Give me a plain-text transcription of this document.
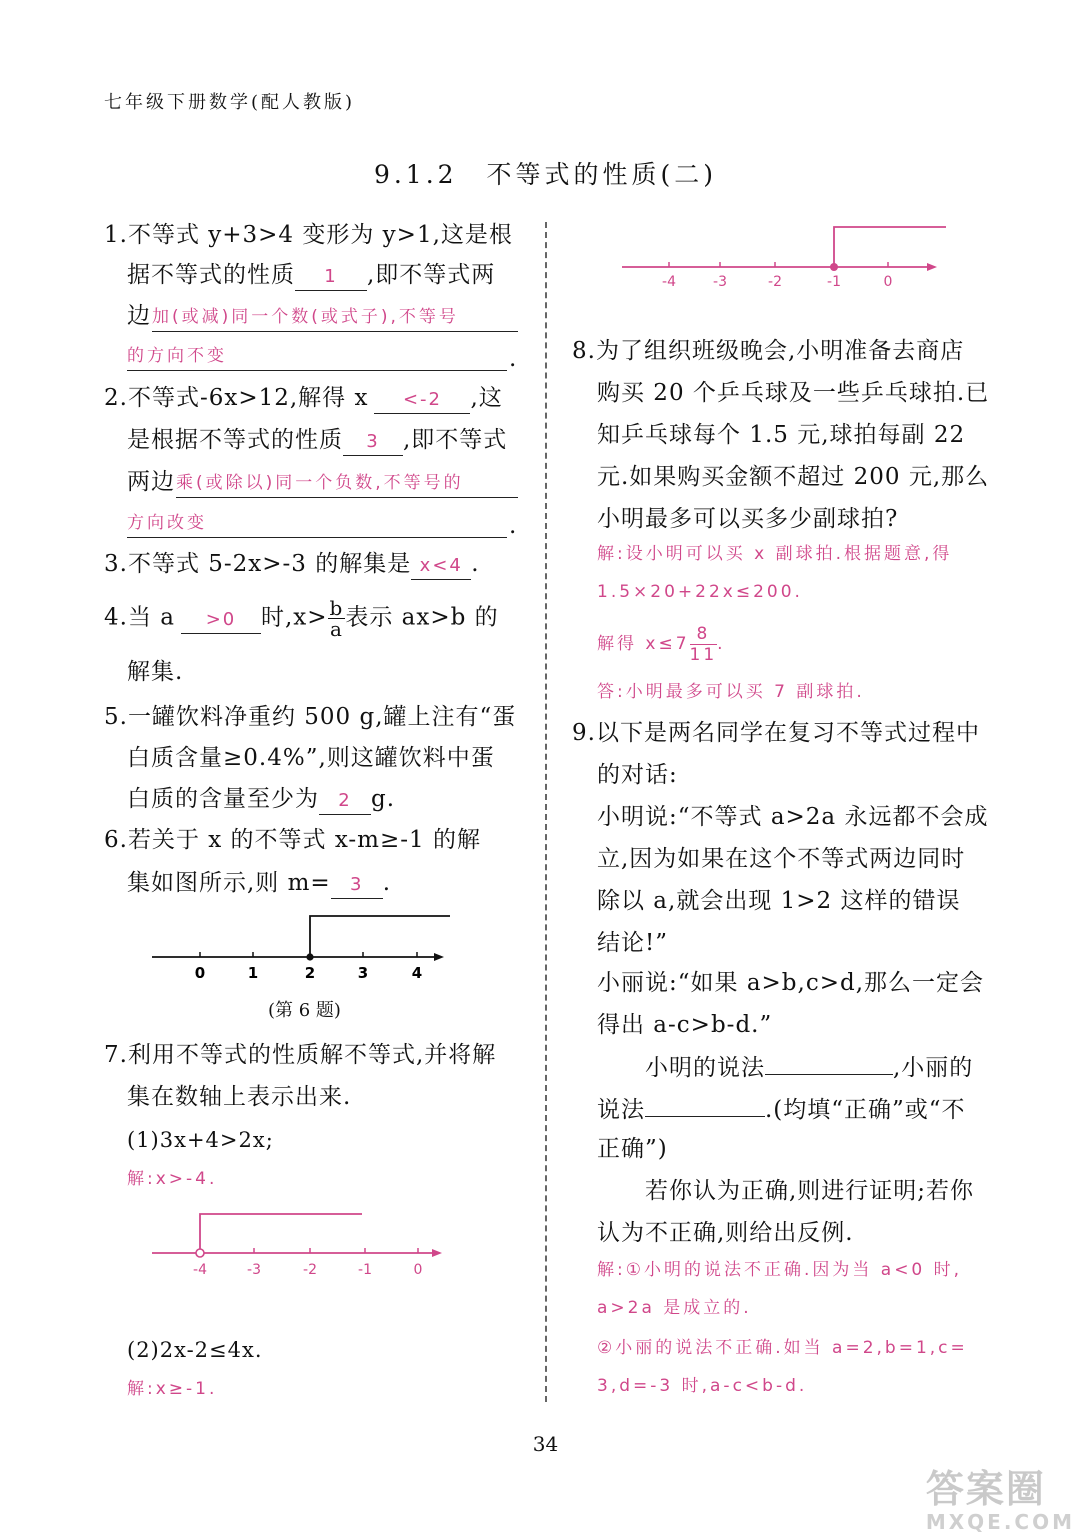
七年级下册数学(配人教版)
9.1.2　不等式的性质(二)
1.不等式 y+3>4 变形为 y>1,这是根
据不等式的性质 1 ,即不等式两
边 加(或减)同一个数(或式子),不等号
的方向不变	.
2.不等式-6x>12,解得 x <-2 ,这
是根据不等式的性质 3 ,即不等式
两边 乘(或除以)同一个负数,不等号的
方向改变	.
3.不等式 5-2x>-3 的解集是 x<4 .
4.当 a >0 时$,x> \frac{b}{a}$ 表示 ax>b 的
解集.
5.一罐饮料净重约 500 g,罐上注有“蛋
白质含量≥0.4%”,则这罐饮料中蛋
白质的含量至少为 2 g.
6.若关于 x 的不等式 x-m≥-1 的解
集如图所示,则 m= 3 .
0	1	2	3	4
(第 6 题)
7.利用不等式的性质解不等式,并将解
集在数轴上表示出来.
(1)3x+4>2x;
解:x>-4.
-4	-3	-2	-1	0
(2)2x-2≤4x.
解:x≥-1.
-4	-3	-2	-1	0
8.为了组织班级晚会,小明准备去商店
购买 20 个乒乓球及一些乒乓球拍.已
知乒乓球每个 1.5 元,球拍每副 22
元.如果购买金额不超过 200 元,那么
小明最多可以买多少副球拍?
解:设小明可以买 x 副球拍.根据题意,得
1.5×20+22x≤200.
解得 $x\le 7 \frac{8}{11}$ .
答:小明最多可以买 7 副球拍.
9.以下是两名同学在复习不等式过程中
的对话:
小明说:“不等式 a>2a 永远都不会成
立,因为如果在这个不等式两边同时
除以 a,就会出现 1>2 这样的错误
结论!”
小丽说:“如果 a>b,c>d,那么一定会
得出 a-c>b-d.”
小明的说法	,小丽的
说法	.(均填“正确”或“不
正确”)
若你认为正确,则进行证明;若你
认为不正确,则给出反例.
解:①小明的说法不正确.因为当 a<0 时,
a>2a 是成立的.
②小丽的说法不正确.如当 a=2,b=1,c=
3,d=-3 时,a-c<b-d.
34
答案圈
MXQE.COM
